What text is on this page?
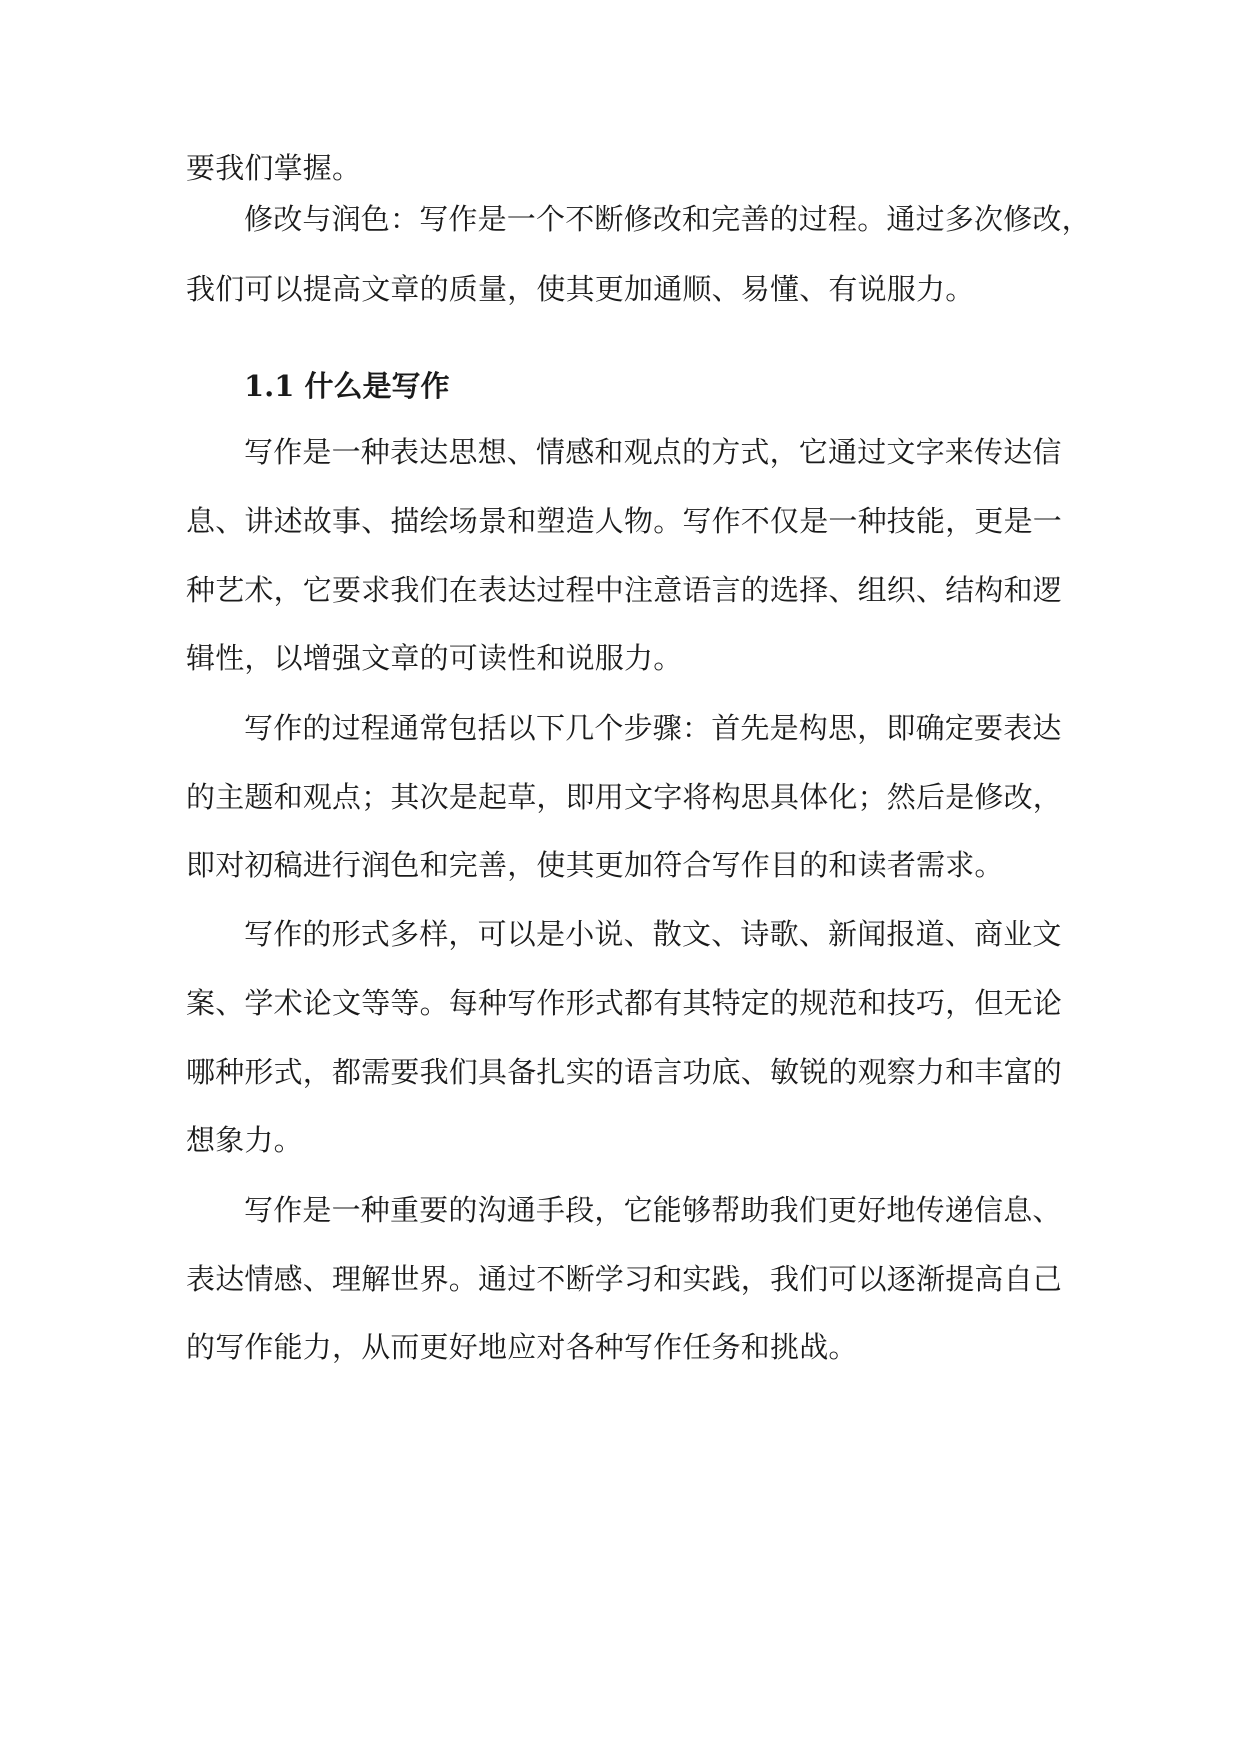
要我们掌握。
修改与润色：写作是一个不断修改和完善的过程。通过多次修改，
我们可以提高文章的质量，使其更加通顺、易懂、有说服力。
1.1 什么是写作
写作是一种表达思想、情感和观点的方式，它通过文字来传达信
息、讲述故事、描绘场景和塑造人物。写作不仅是一种技能，更是一
种艺术，它要求我们在表达过程中注意语言的选择、组织、结构和逻
辑性，以增强文章的可读性和说服力。
写作的过程通常包括以下几个步骤：首先是构思，即确定要表达
的主题和观点；其次是起草，即用文字将构思具体化；然后是修改，
即对初稿进行润色和完善，使其更加符合写作目的和读者需求。
写作的形式多样，可以是小说、散文、诗歌、新闻报道、商业文
案、学术论文等等。每种写作形式都有其特定的规范和技巧，但无论
哪种形式，都需要我们具备扎实的语言功底、敏锐的观察力和丰富的
想象力。
写作是一种重要的沟通手段，它能够帮助我们更好地传递信息、
表达情感、理解世界。通过不断学习和实践，我们可以逐渐提高自己
的写作能力，从而更好地应对各种写作任务和挑战。
